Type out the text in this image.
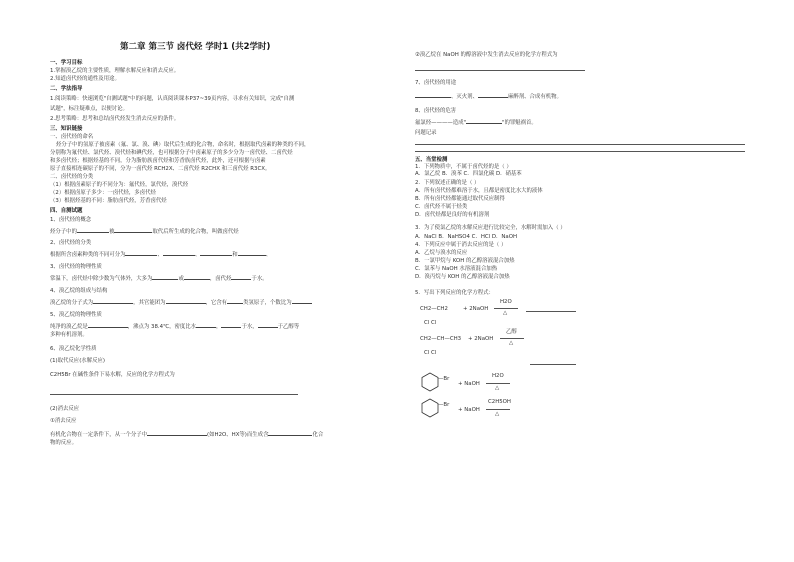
第二章 第三节 卤代烃 学时1 (共2学时)
一、学习目标
1.掌握溴乙烷的主要性质，理解水解反应和消去反应。
2.知道卤代烃的通性及用途。
二、学法指导
1.阅读策略：快速浏览"自测试题"中的问题，认真阅读课本P37~39页内容，寻求有关知识，完成"自测
试题"，标注疑难点，以便讨论。
2.思考策略：思考和总结卤代烃发生消去反应的条件。
三、知识链接
一、卤代烃的命名
烃分子中的氢原子被卤素（氟、氯、溴、碘）取代后生成的化合物，命名时，根据取代卤素的种类的不同，
分别称为氟代烃、氯代烃、溴代烃和碘代烃，也可根据分子中卤素原子的多少分为一卤代烃、二卤代烃
和多卤代烃；根据烃基的不同，分为脂肪族卤代烃和芳香族卤代烃，此外，还可根据与卤素
原子直接相连碳原子的不同，分为一卤代烃 RCH2X、二卤代烃 R2CHX 和三卤代烃 R3CX。
二、卤代烃的分类
（1）根据卤素原子的不同分为：氟代烃，氯代烃，溴代烃
（2）根据卤原子多少：一卤代烃，多卤代烃
（3）根据烃基的不同：脂肪卤代烃，芳香卤代烃
四、自测试题
1、卤代烃的概念
烃分子中的	被	取代后所生成的化合物，叫做卤代烃
2、卤代烃的分类
根据所含卤素种类的不同可分为	、	、	和	、
3、卤代烃的物理性质
常温下，卤代烃中除少数为气体外，大多为	或	，卤代烃	于水。
4、溴乙烷的组成与结构
溴乙烷的分子式为	，其官能团为	，它含有	类氢原子，个数比为
5、溴乙烷的物理性质
纯净的溴乙烷是	，沸点为 38.4℃，密度比水	，	于水，	于乙醇等
多种有机溶剂。
6、溴乙烷化学性质
(1)取代反应(水解反应)
C2H5Br 在碱性条件下易水解，反应的化学方程式为
(2)消去反应
①消去反应
有机化合物在一定条件下，从一个分子中	(如H2O、HX等)而生成含	化合
物的反应。
②溴乙烷在 NaOH 的醇溶液中发生消去反应的化学方程式为
7、卤代烃的用途
、灭火剂、	麻醉剂、合成有机物。
8、卤代烃的危害
氟氯烃————造成"	"的罪魁祸首。
问题记录
五、当堂检测
1．下列物质中，不属于卤代烃的是（ ）
A．氯乙烷 B．溴苯 C．四氯化碳 D．硝基苯
2．下列叙述正确的是（ ）
A．所有卤代烃都难溶于水，且都是密度比水大的液体
B．所有卤代烃都能通过取代反应制得
C．卤代烃不属于烃类
D．卤代烃都是良好的有机溶剂
3．为了使氯乙烷的水解反应进行比较完全，水解时需加入（ ）
A．NaCl B．NaHSO4 C．HCl D．NaOH
4．下列反应中属于消去反应的是（ ）
A．乙烷与溴水的反应
B．一氯甲烷与 KOH 的乙醇溶液混合加热
C．氯苯与 NaOH 水溶液混合加热
D．溴丙烷与 KOH 的乙醇溶液混合加热
5．写出下列反应的化学方程式：
CH2—CH2
Cl Cl
+ 2NaOH
H2O
△
CH2—CH—CH3
Cl Cl
+ 2NaOH
乙醇
△
—Br
+ NaOH
H2O
△
—Br
+ NaOH
C2H5OH
△
